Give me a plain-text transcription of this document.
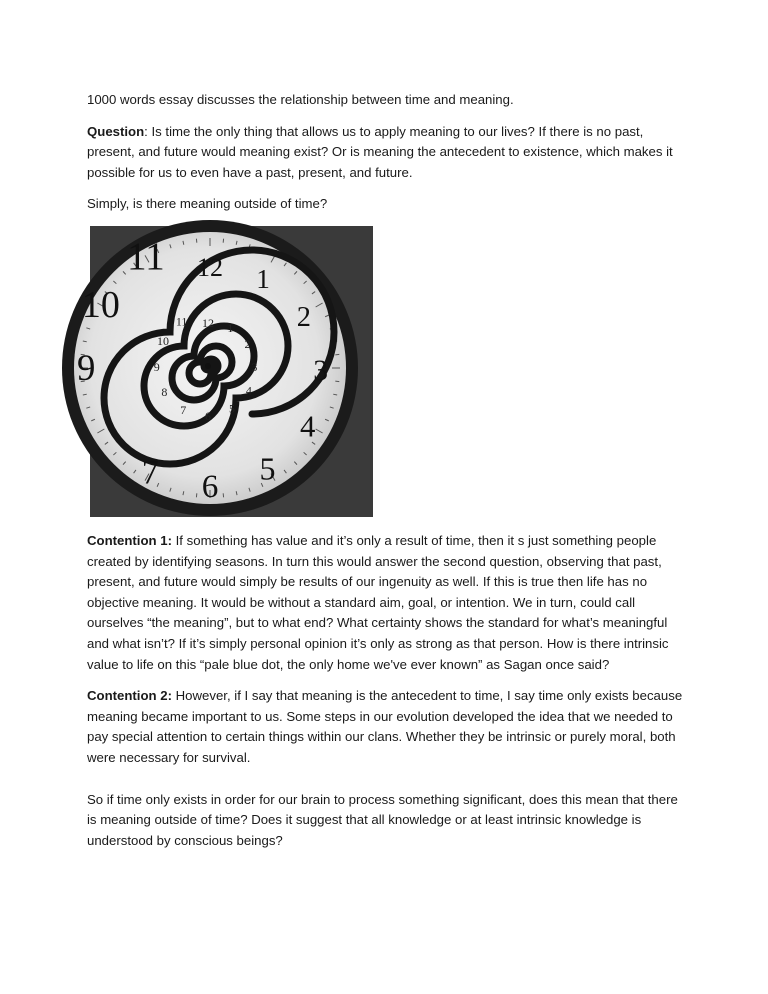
1000 words essay discusses the relationship between time and meaning.

Question: Is time the only thing that allows us to apply meaning to our lives? If there is no past, present, and future would meaning exist? Or is meaning the antecedent to existence, which makes it possible for us to even have a past, present, and future.

Simply, is there meaning outside of time?

12 1
2
3
4
5
6
7
9
10
11
11 12 1
2
3
4
5
6
7
8
9
10

Contention 1: If something has value and it’s only a result of time, then it s just something people created by identifying seasons. In turn this would answer the second question, observing that past, present, and future would simply be results of our ingenuity as well. If this is true then life has no objective meaning. It would be without a standard aim, goal, or intention. We in turn, could call ourselves “the meaning”, but to what end? What certainty shows the standard for what’s meaningful and what isn’t? If it’s simply personal opinion it’s only as strong as that person. How is there intrinsic value to life on this “pale blue dot, the only home we've ever known” as Sagan once said?

Contention 2: However, if I say that meaning is the antecedent to time, I say time only exists because meaning became important to us. Some steps in our evolution developed the idea that we needed to pay special attention to certain things within our clans. Whether they be intrinsic or purely moral, both were necessary for survival.

So if time only exists in order for our brain to process something significant, does this mean that there is meaning outside of time? Does it suggest that all knowledge or at least intrinsic knowledge is understood by conscious beings?
